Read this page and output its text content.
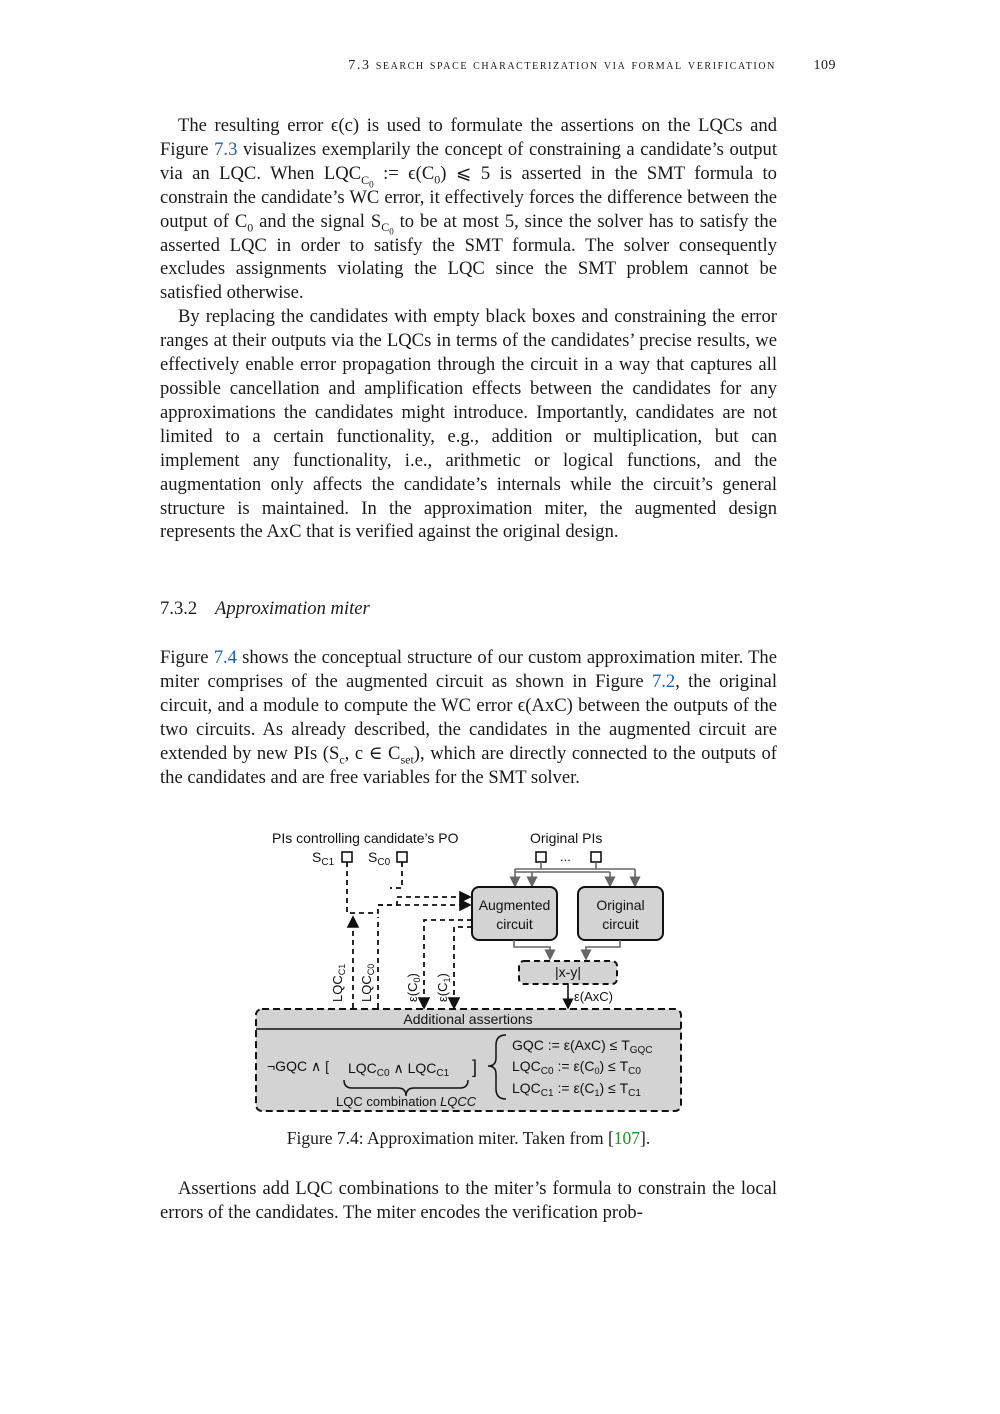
7.3 search space characterization via formal verification	109

The resulting error ϵ(c) is used to formulate the assertions on the LQCs and Figure 7.3 visualizes exemplarily the concept of constraining a candidate’s output via an LQC. When $LQC_{C_0}$ := $\epsilon(C_0)$ ⩽ 5 is asserted in the SMT formula to constrain the candidate’s WC error, it effectively forces the difference between the output of $C_0$ and the signal $S_{C_0}$ to be at most 5, since the solver has to satisfy the asserted LQC in order to satisfy the SMT formula. The solver consequently excludes assignments violating the LQC since the SMT problem cannot be satisfied otherwise.

By replacing the candidates with empty black boxes and constraining the error ranges at their outputs via the LQCs in terms of the candidates’ precise results, we effectively enable error propagation through the circuit in a way that captures all possible cancellation and amplification effects between the candidates for any approximations the candidates might introduce. Importantly, candidates are not limited to a certain functionality, e.g., addition or multiplication, but can implement any functionality, i.e., arithmetic or logical functions, and the augmentation only affects the candidate’s internals while the circuit’s general structure is maintained. In the approximation miter, the augmented design represents the AxC that is verified against the original design.

7.3.2 Approximation miter

Figure 7.4 shows the conceptual structure of our custom approximation miter. The miter comprises of the augmented circuit as shown in Figure 7.2, the original circuit, and a module to compute the WC error ϵ(AxC) between the outputs of the two circuits. As already described, the candidates in the augmented circuit are extended by new PIs ($S_c$, c ∈ $C_{set}$), which are directly connected to the outputs of the candidates and are free variables for the SMT solver.

PIs controlling candidate’s PO	Original PIs
$S_{C1}$ $S_{C0}$	...
Augmented
circuit
Original
circuit
|x-y|
ε(AxC)
$LQC_{C1}$
$LQC_{C0}$
$\varepsilon(C_0)$
$\varepsilon(C_1)$
Additional assertions
¬GQC ∧ [ $LQC_{C0}$ ∧ $LQC_{C1}$ ]
LQC combination LQCC
GQC := $\varepsilon(AxC) \le T_{GQC}$
$LQC_{C0}$ := $\varepsilon(C_0) \le T_{C0}$
$LQC_{C1}$ := $\varepsilon(C_1) \le T_{C1}$
Figure 7.4: Approximation miter. Taken from [107].

Assertions add LQC combinations to the miter’s formula to constrain the local errors of the candidates. The miter encodes the verification prob-
